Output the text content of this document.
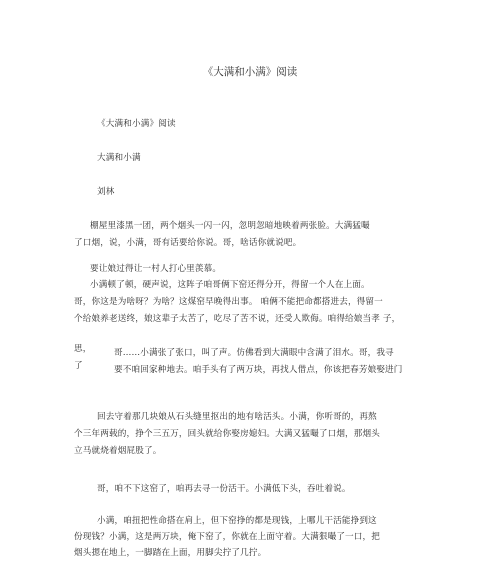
《大满和小满》阅读
《大满和小满》阅读
大满和小满
刘林
棚屋里漆黑一团，两个烟头一闪一闪，忽明忽暗地映着两张脸。大满猛嘬
了口烟，说，小满，哥有话要给你说。哥，啥话你就说吧。
要让娘过得让一村人打心里羡慕。
小满顿了顿，硬声说，这阵子咱哥俩下窑还得分开，得留一个人在上面。
哥，你这是为啥呀？为啥？这煤窑早晚得出事。 咱俩不能把命都搭进去，得留一
个给娘养老送终，娘这辈子太苦了，吃尽了苦不说，还受人欺侮。咱得给娘当孝 子，
思，
了
哥……小满张了张口，叫了声。仿佛看到大满眼中含满了泪水。哥，我寻
要不咱回家种地去。咱手头有了两万块，再找人借点，你该把春芳娘娶进门
回去守着那几块娘从石头缝里抠出的地有啥活头。小满，你听哥的，再熬
个三年两载的，挣个三五万，回头就给你娶房媳妇。大满又猛嘬了口烟，那烟头
立马就烧着烟屁股了。
哥，咱不下这窑了，咱再去寻一份活干。小满低下头，吞吐着说。
小满，咱扭把性命搭在肩上，但下窑挣的都是现钱，上哪儿干活能挣到这
份现钱？小满，这是两万块，俺下窑了，你就在上面守着。大满狠嘬了一口，把
烟头摁在地上，一脚踏在上面，用脚尖拧了几拧。
